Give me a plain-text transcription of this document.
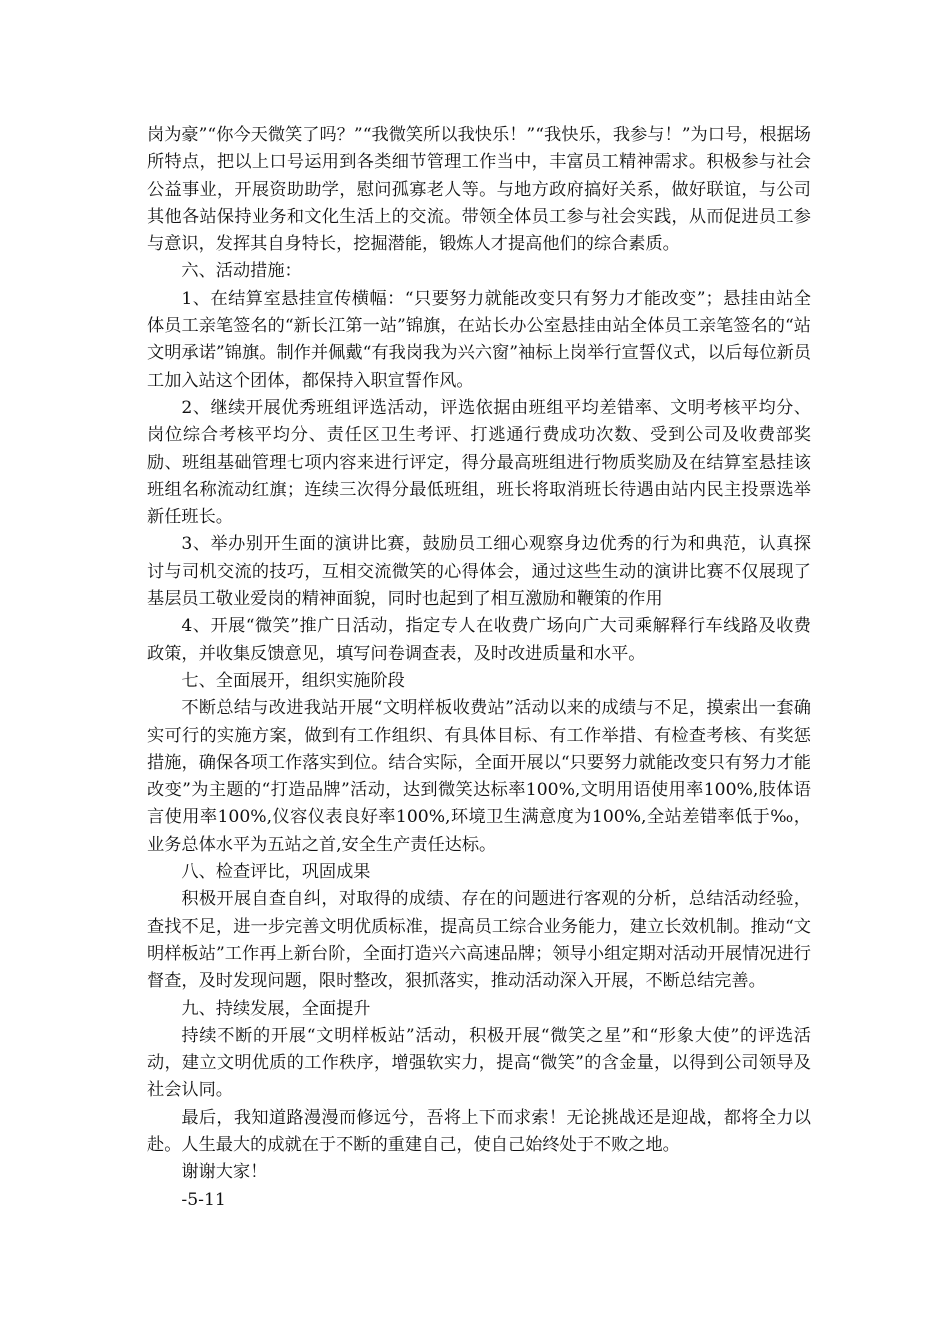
岗为豪”“你今天微笑了吗？”“我微笑所以我快乐！”“我快乐，我参与！”为口号，根据场所特点，把以上口号运用到各类细节管理工作当中，丰富员工精神需求。积极参与社会公益事业，开展资助助学，慰问孤寡老人等。与地方政府搞好关系，做好联谊，与公司其他各站保持业务和文化生活上的交流。带领全体员工参与社会实践，从而促进员工参与意识，发挥其自身特长，挖掘潜能，锻炼人才提高他们的综合素质。

六、活动措施：

1、在结算室悬挂宣传横幅：“只要努力就能改变只有努力才能改变”；悬挂由站全体员工亲笔签名的“新长江第一站”锦旗，在站长办公室悬挂由站全体员工亲笔签名的“站文明承诺”锦旗。制作并佩戴“有我岗我为兴六窗”袖标上岗举行宣誓仪式，以后每位新员工加入站这个团体，都保持入职宣誓作风。

2、继续开展优秀班组评选活动，评选依据由班组平均差错率、文明考核平均分、岗位综合考核平均分、责任区卫生考评、打逃通行费成功次数、受到公司及收费部奖励、班组基础管理七项内容来进行评定，得分最高班组进行物质奖励及在结算室悬挂该班组名称流动红旗；连续三次得分最低班组，班长将取消班长待遇由站内民主投票选举新任班长。

3、举办别开生面的演讲比赛，鼓励员工细心观察身边优秀的行为和典范，认真探讨与司机交流的技巧，互相交流微笑的心得体会，通过这些生动的演讲比赛不仅展现了基层员工敬业爱岗的精神面貌，同时也起到了相互激励和鞭策的作用

4、开展“微笑”推广日活动，指定专人在收费广场向广大司乘解释行车线路及收费政策，并收集反馈意见，填写问卷调查表，及时改进质量和水平。

七、全面展开，组织实施阶段

不断总结与改进我站开展“文明样板收费站”活动以来的成绩与不足，摸索出一套确实可行的实施方案，做到有工作组织、有具体目标、有工作举措、有检查考核、有奖惩措施，确保各项工作落实到位。结合实际，全面开展以“只要努力就能改变只有努力才能改变”为主题的“打造品牌”活动，达到微笑达标率100%,文明用语使用率100%,肢体语言使用率100%,仪容仪表良好率100%,环境卫生满意度为100%,全站差错率低于‰，业务总体水平为五站之首,安全生产责任达标。

八、检查评比，巩固成果

积极开展自查自纠，对取得的成绩、存在的问题进行客观的分析，总结活动经验，查找不足，进一步完善文明优质标准，提高员工综合业务能力，建立长效机制。推动“文明样板站”工作再上新台阶，全面打造兴六高速品牌；领导小组定期对活动开展情况进行督查，及时发现问题，限时整改，狠抓落实，推动活动深入开展，不断总结完善。

九、持续发展，全面提升

持续不断的开展“文明样板站”活动，积极开展“微笑之星”和“形象大使”的评选活动，建立文明优质的工作秩序，增强软实力，提高“微笑”的含金量，以得到公司领导及社会认同。

最后，我知道路漫漫而修远兮，吾将上下而求索！无论挑战还是迎战，都将全力以赴。人生最大的成就在于不断的重建自己，使自己始终处于不败之地。

谢谢大家！

-5-11
